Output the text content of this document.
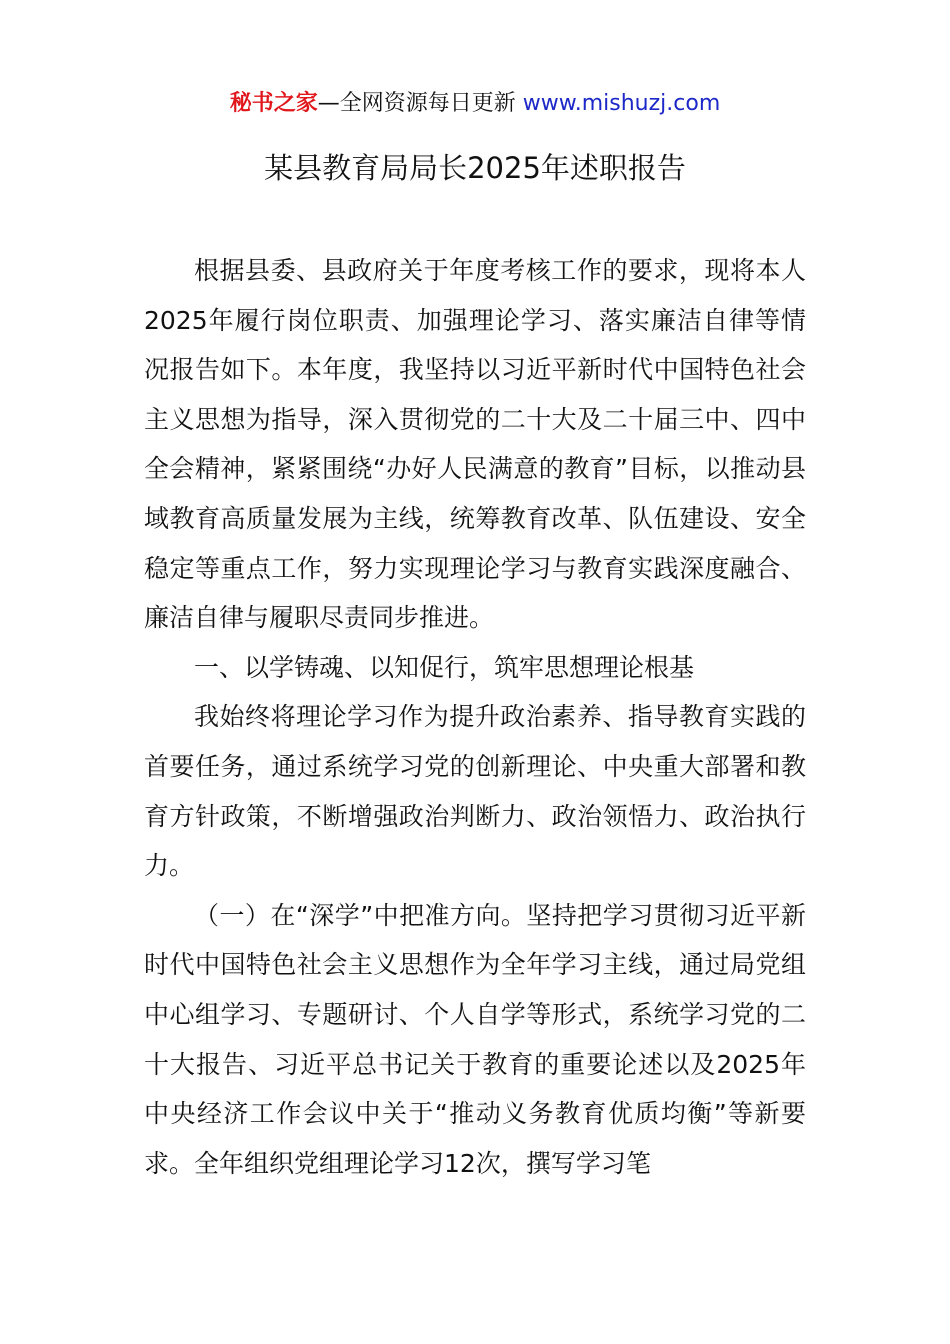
秘书之家—全网资源每日更新 www.mishuzj.com
某县教育局局长2025年述职报告

根据县委、县政府关于年度考核工作的要求，现将本人2025年履行岗位职责、加强理论学习、落实廉洁自律等情况报告如下。本年度，我坚持以习近平新时代中国特色社会主义思想为指导，深入贯彻党的二十大及二十届三中、四中全会精神，紧紧围绕“办好人民满意的教育”目标，以推动县域教育高质量发展为主线，统筹教育改革、队伍建设、安全稳定等重点工作，努力实现理论学习与教育实践深度融合、廉洁自律与履职尽责同步推进。

一、以学铸魂、以知促行，筑牢思想理论根基

我始终将理论学习作为提升政治素养、指导教育实践的首要任务，通过系统学习党的创新理论、中央重大部署和教育方针政策，不断增强政治判断力、政治领悟力、政治执行力。

（一）在“深学”中把准方向。坚持把学习贯彻习近平新时代中国特色社会主义思想作为全年学习主线，通过局党组中心组学习、专题研讨、个人自学等形式，系统学习党的二十大报告、习近平总书记关于教育的重要论述以及2025年中央经济工作会议中关于“推动义务教育优质均衡”等新要求。全年组织党组理论学习12次，撰写学习笔
